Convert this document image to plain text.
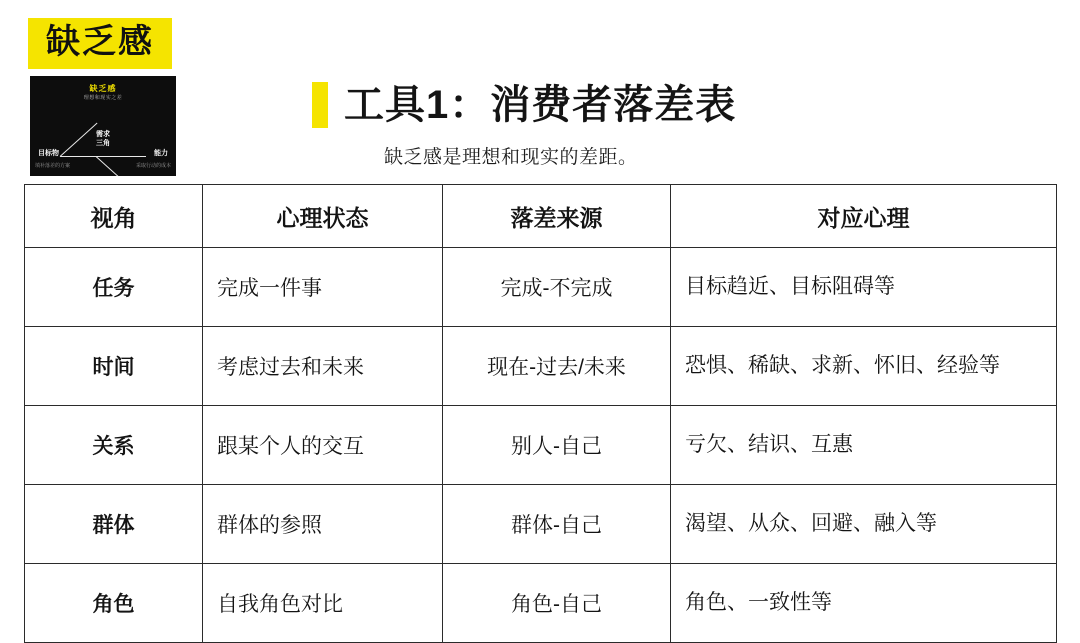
缺乏感
缺乏感
理想和现实之差
需求
三角
目标物	能力
填补落差的方案	采取行动的成本
工具1：消费者落差表
缺乏感是理想和现实的差距。
视角	心理状态	落差来源	对应心理
任务	完成一件事	完成-不完成	目标趋近、目标阻碍等
时间	考虑过去和未来	现在-过去/未来	恐惧、稀缺、求新、怀旧、经验等
关系	跟某个人的交互	别人-自己	亏欠、结识、互惠
群体	群体的参照	群体-自己	渴望、从众、回避、融入等
角色	自我角色对比	角色-自己	角色、一致性等
